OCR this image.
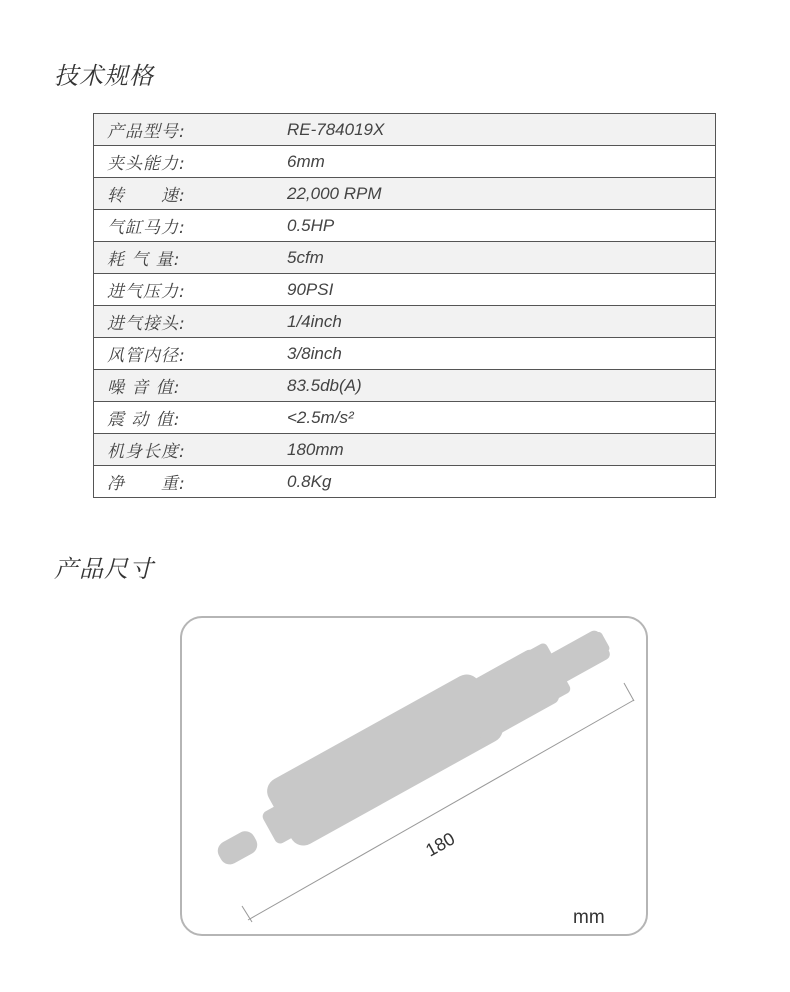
技术规格
产品型号:	RE-784019X
夹头能力:	6mm
转　　速:	22,000 RPM
气缸马力:	0.5HP
耗 气 量:	5cfm
进气压力:	90PSI
进气接头:	1/4inch
风管内径:	3/8inch
噪 音 值:	83.5db(A)
震 动 值:	<2.5m/s²
机身长度:	180mm
净　　重:	0.8Kg
产品尺寸
180
mm
